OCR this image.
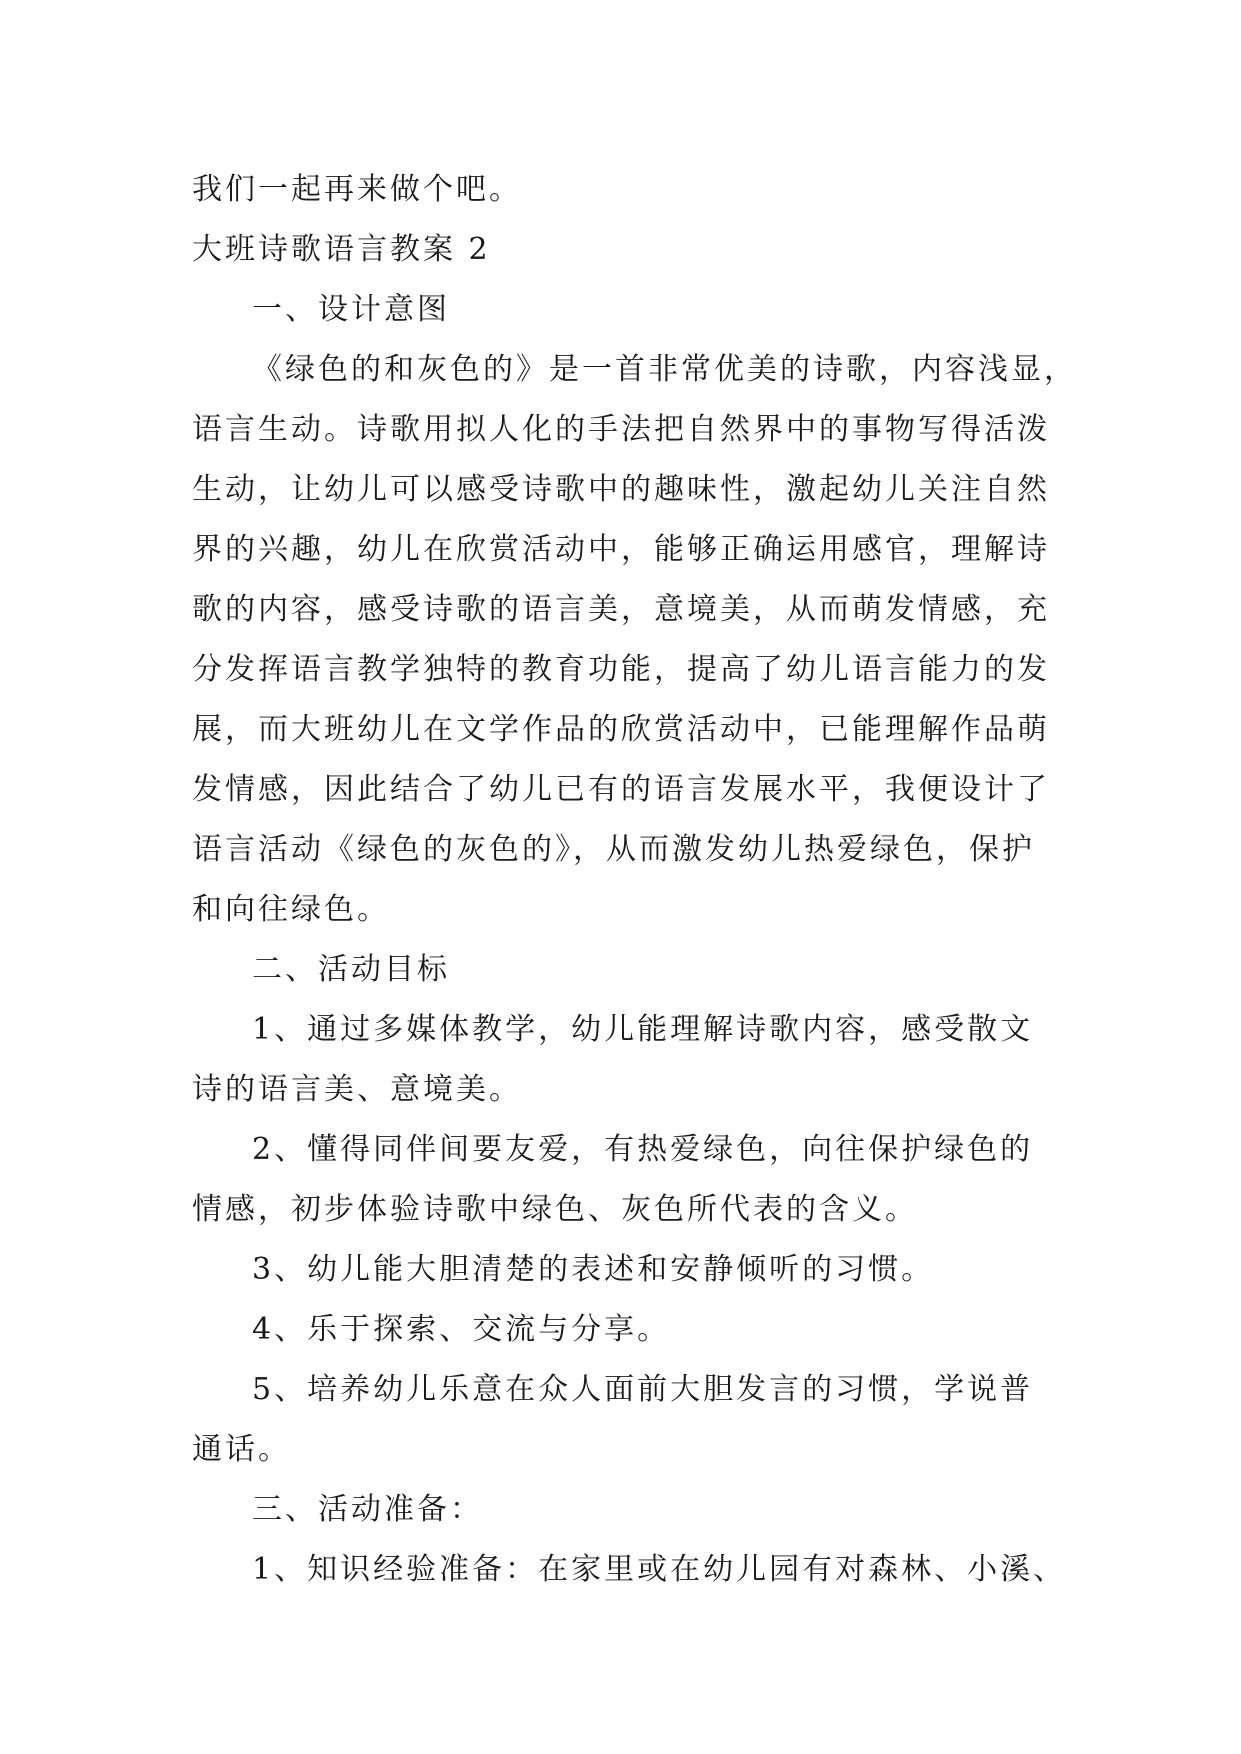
我们一起再来做个吧。
大班诗歌语言教案 2
一、设计意图
《绿色的和灰色的》是一首非常优美的诗歌，内容浅显，
语言生动。诗歌用拟人化的手法把自然界中的事物写得活泼
生动，让幼儿可以感受诗歌中的趣味性，激起幼儿关注自然
界的兴趣，幼儿在欣赏活动中，能够正确运用感官，理解诗
歌的内容，感受诗歌的语言美，意境美，从而萌发情感，充
分发挥语言教学独特的教育功能，提高了幼儿语言能力的发
展，而大班幼儿在文学作品的欣赏活动中，已能理解作品萌
发情感，因此结合了幼儿已有的语言发展水平，我便设计了
语言活动《绿色的灰色的》，从而激发幼儿热爱绿色，保护
和向往绿色。
二、活动目标
1、通过多媒体教学，幼儿能理解诗歌内容，感受散文
诗的语言美、意境美。
2、懂得同伴间要友爱，有热爱绿色，向往保护绿色的
情感，初步体验诗歌中绿色、灰色所代表的含义。
3、幼儿能大胆清楚的表述和安静倾听的习惯。
4、乐于探索、交流与分享。
5、培养幼儿乐意在众人面前大胆发言的习惯，学说普
通话。
三、活动准备：
1、知识经验准备：在家里或在幼儿园有对森林、小溪、
